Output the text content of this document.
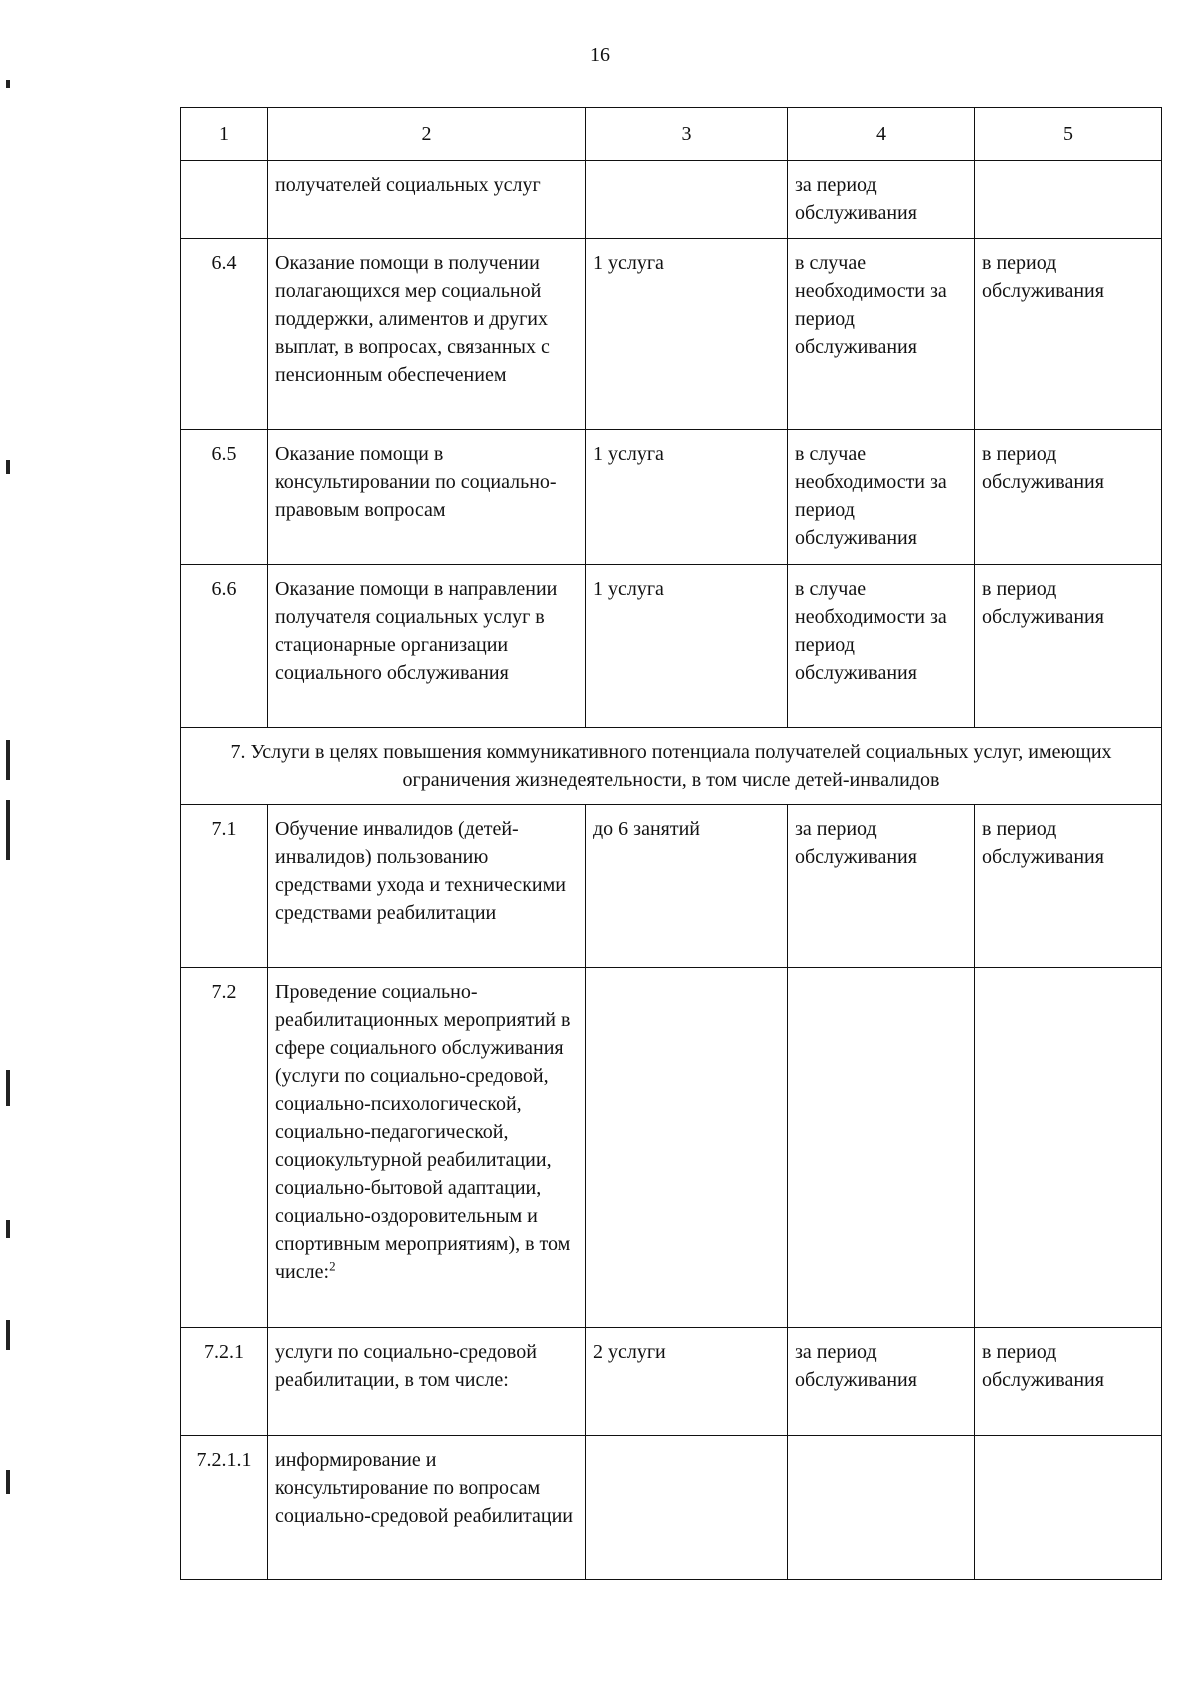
16
1	2	3	4	5
	получателей социальных услуг		за период обслуживания	
6.4	Оказание помощи в получении полагающихся мер социальной поддержки, алиментов и других выплат, в вопросах, связанных с пенсионным обеспечением	1 услуга	в случае необходимости за период обслуживания	в период обслуживания
6.5	Оказание помощи в консультировании по социально-правовым вопросам	1 услуга	в случае необходимости за период обслуживания	в период обслуживания
6.6	Оказание помощи в направлении получателя социальных услуг в стационарные организации социального обслуживания	1 услуга	в случае необходимости за период обслуживания	в период обслуживания
7. Услуги в целях повышения коммуникативного потенциала получателей социальных услуг, имеющих ограничения жизнедеятельности, в том числе детей-инвалидов				
7.1	Обучение инвалидов (детей-инвалидов) пользованию средствами ухода и техническими средствами реабилитации	до 6 занятий	за период обслуживания	в период обслуживания
7.2	Проведение социально-реабилитационных мероприятий в сфере социального обслуживания (услуги по социально-средовой, социально-психологической, социально-педагогической, социокультурной реабилитации, социально-бытовой адаптации, социально-оздоровительным и спортивным мероприятиям), в том числе:$^2$			
7.2.1	услуги по социально-средовой реабилитации, в том числе:	2 услуги	за период обслуживания	в период обслуживания
7.2.1.1	информирование и консультирование по вопросам социально-средовой реабилитации			
